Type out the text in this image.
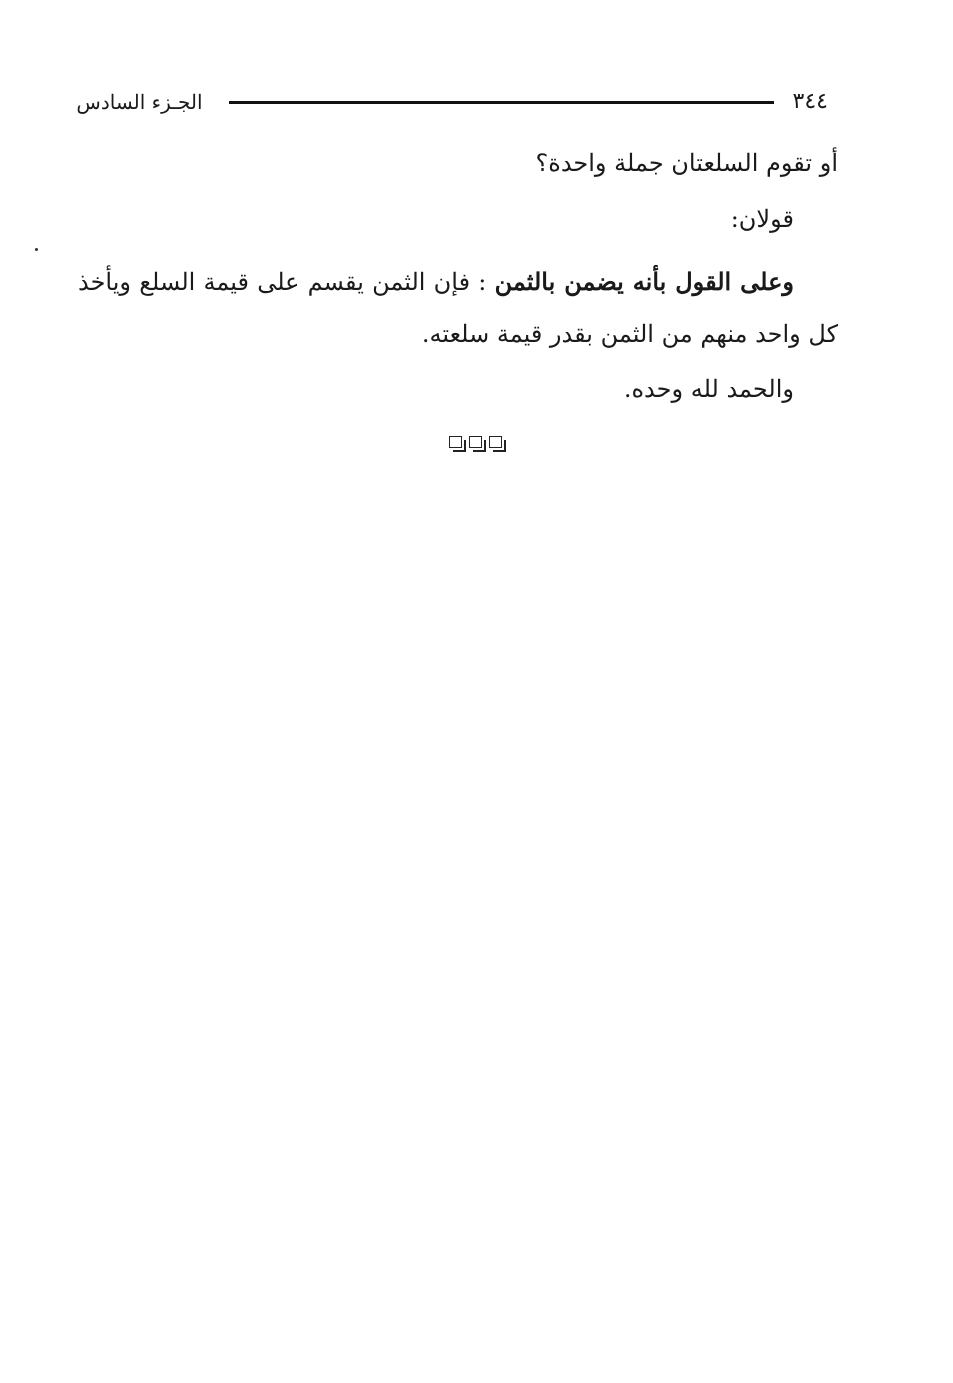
٣٤٤
الجـزء السادس
أو تقوم السلعتان جملة واحدة؟
قولان:
وعلى القول بأنه يضمن بالثمن : فإن الثمن يقسم على قيمة السلع ويأخذ كل واحد منهم من الثمن بقدر قيمة سلعته.
والحمد لله وحده.
